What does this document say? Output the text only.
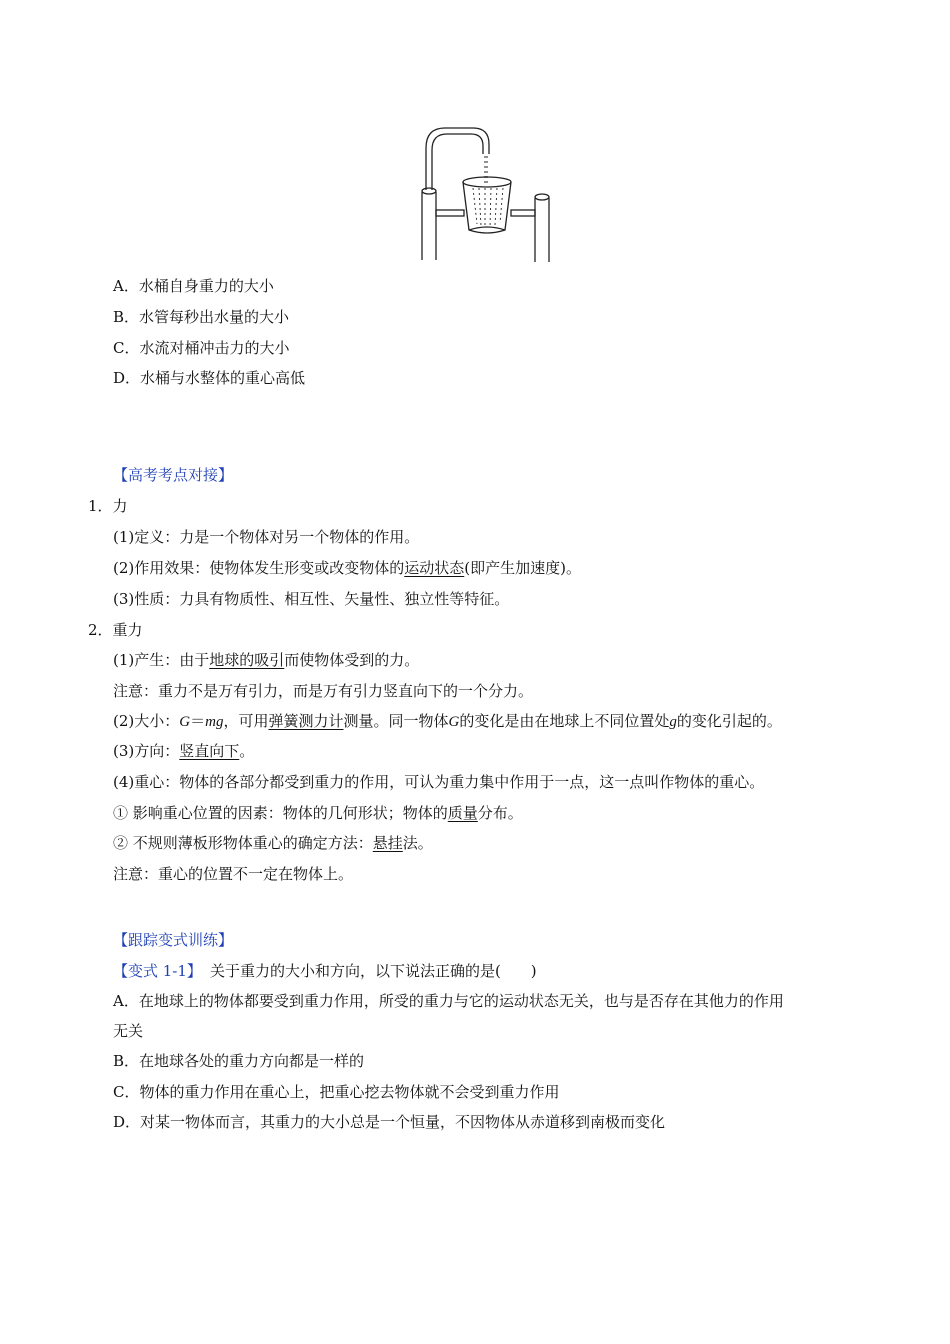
A．水桶自身重力的大小
B．水管每秒出水量的大小
C．水流对桶冲击力的大小
D．水桶与水整体的重心高低
【高考考点对接】
1．力
(1)定义：力是一个物体对另一个物体的作用。
(2)作用效果：使物体发生形变或改变物体的运动状态(即产生加速度)。
(3)性质：力具有物质性、相互性、矢量性、独立性等特征。
2．重力
(1)产生：由于地球的吸引而使物体受到的力。
注意：重力不是万有引力，而是万有引力竖直向下的一个分力。
(2)大小：G＝mg，可用弹簧测力计测量。同一物体G的变化是由在地球上不同位置处g的变化引起的。
(3)方向：竖直向下。
(4)重心：物体的各部分都受到重力的作用，可认为重力集中作用于一点，这一点叫作物体的重心。
① 影响重心位置的因素：物体的几何形状；物体的质量分布。
② 不规则薄板形物体重心的确定方法：悬挂法。
注意：重心的位置不一定在物体上。
【跟踪变式训练】
【变式 1-1】 关于重力的大小和方向，以下说法正确的是(　　)
A．在地球上的物体都要受到重力作用，所受的重力与它的运动状态无关，也与是否存在其他力的作用
无关
B．在地球各处的重力方向都是一样的
C．物体的重力作用在重心上，把重心挖去物体就不会受到重力作用
D．对某一物体而言，其重力的大小总是一个恒量，不因物体从赤道移到南极而变化
